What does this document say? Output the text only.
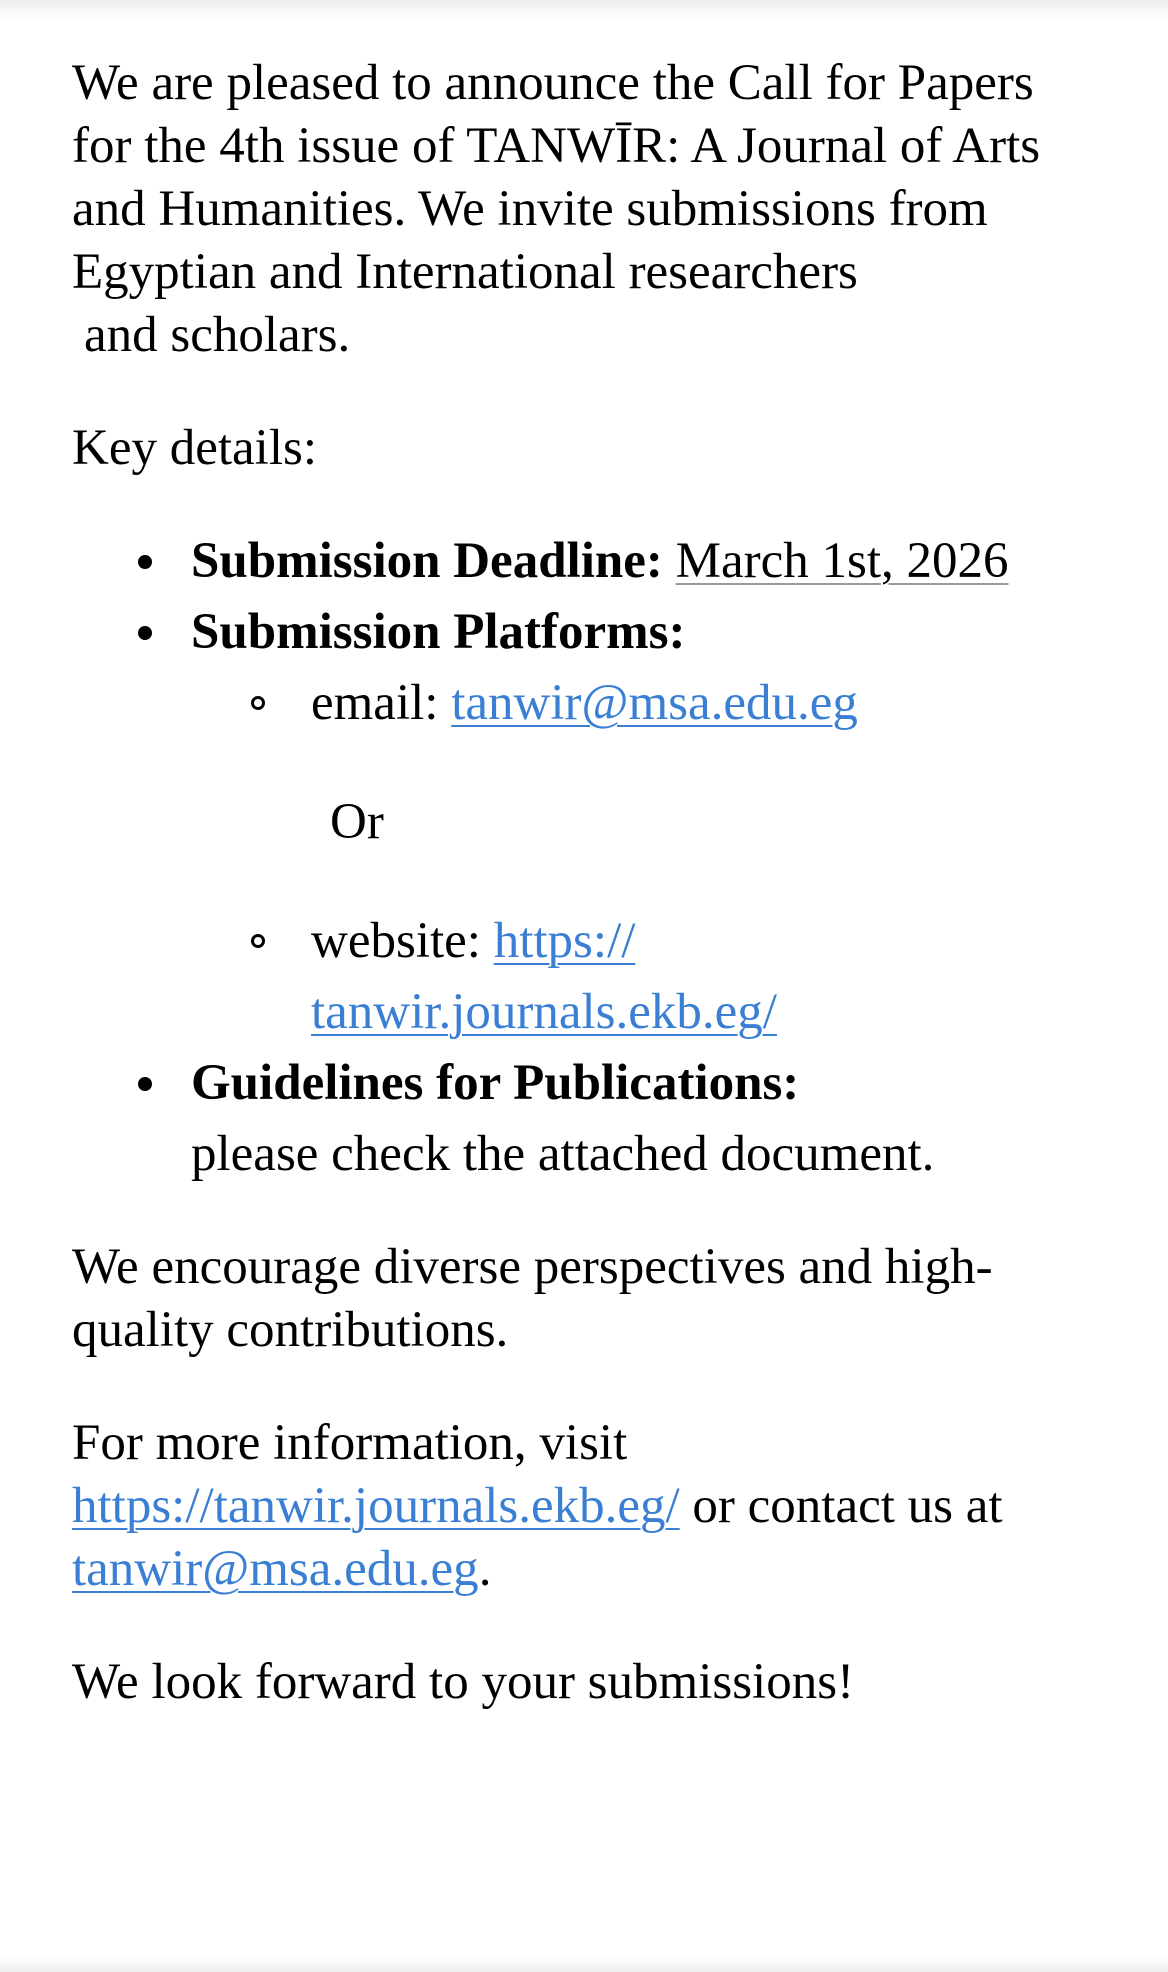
We are pleased to announce the Call for Papers for the 4th issue of TANWĪR: A Journal of Arts and Humanities. We invite submissions from Egyptian and International researchers
and scholars.

Key details:

Submission Deadline: March 1st, 2026
Submission Platforms:
email: tanwir@msa.edu.eg
Or
website: https://
tanwir.journals.ekb.eg/
Guidelines for Publications:
please check the attached document.

We encourage diverse perspectives and high-quality contributions.

For more information, visit
https://tanwir.journals.ekb.eg/ or contact us at
tanwir@msa.edu.eg.

We look forward to your submissions!
